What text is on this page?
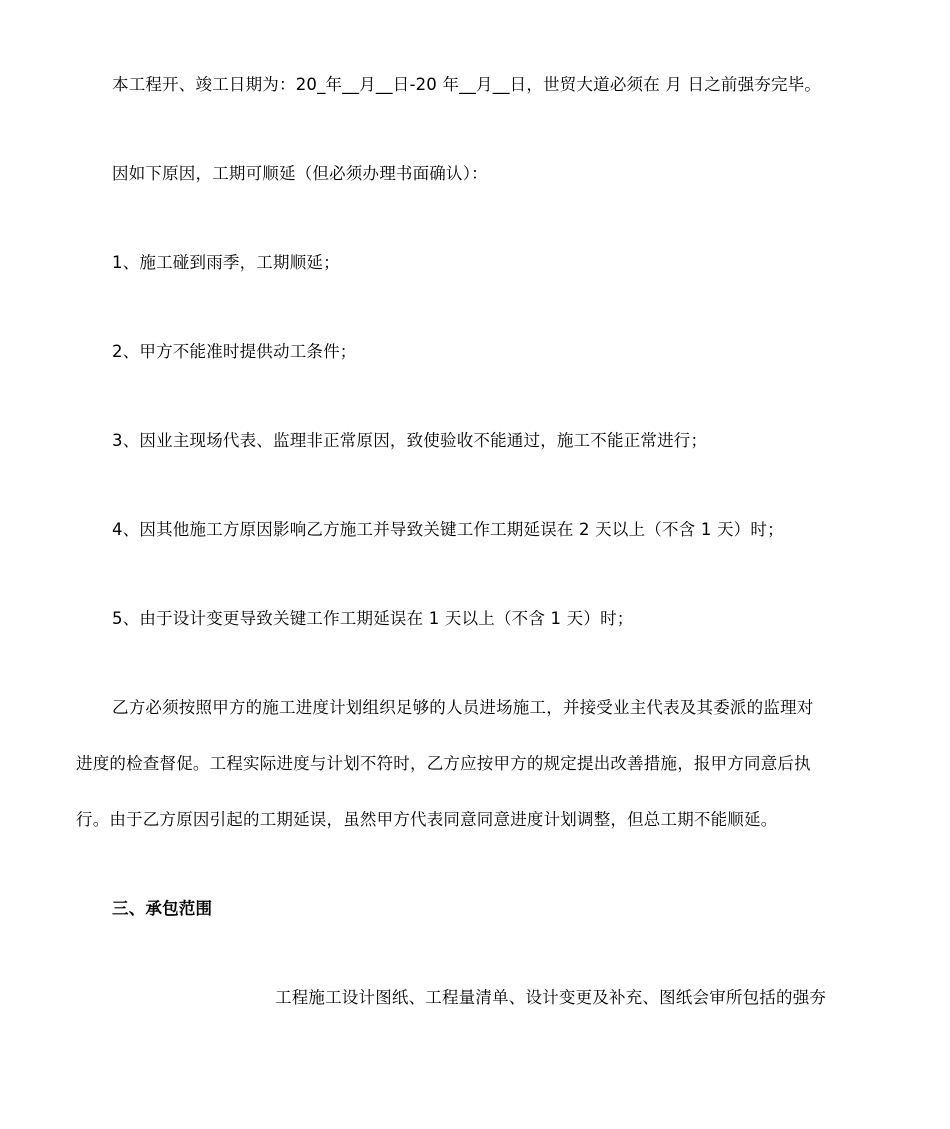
本工程开、竣工日期为：20_年__月__日-20 年__月__日，世贸大道必须在 月 日之前强夯完毕。
因如下原因，工期可顺延（但必须办理书面确认）：
1、施工碰到雨季，工期顺延；
2、甲方不能准时提供动工条件；
3、因业主现场代表、监理非正常原因，致使验收不能通过，施工不能正常进行；
4、因其他施工方原因影响乙方施工并导致关键工作工期延误在 2 天以上（不含 1 天）时；
5、由于设计变更导致关键工作工期延误在 1 天以上（不含 1 天）时；
乙方必须按照甲方的施工进度计划组织足够的人员进场施工，并接受业主代表及其委派的监理对
进度的检查督促。工程实际进度与计划不符时，乙方应按甲方的规定提出改善措施，报甲方同意后执
行。由于乙方原因引起的工期延误，虽然甲方代表同意同意进度计划调整，但总工期不能顺延。
三、承包范围
工程施工设计图纸、工程量清单、设计变更及补充、图纸会审所包括的强夯
